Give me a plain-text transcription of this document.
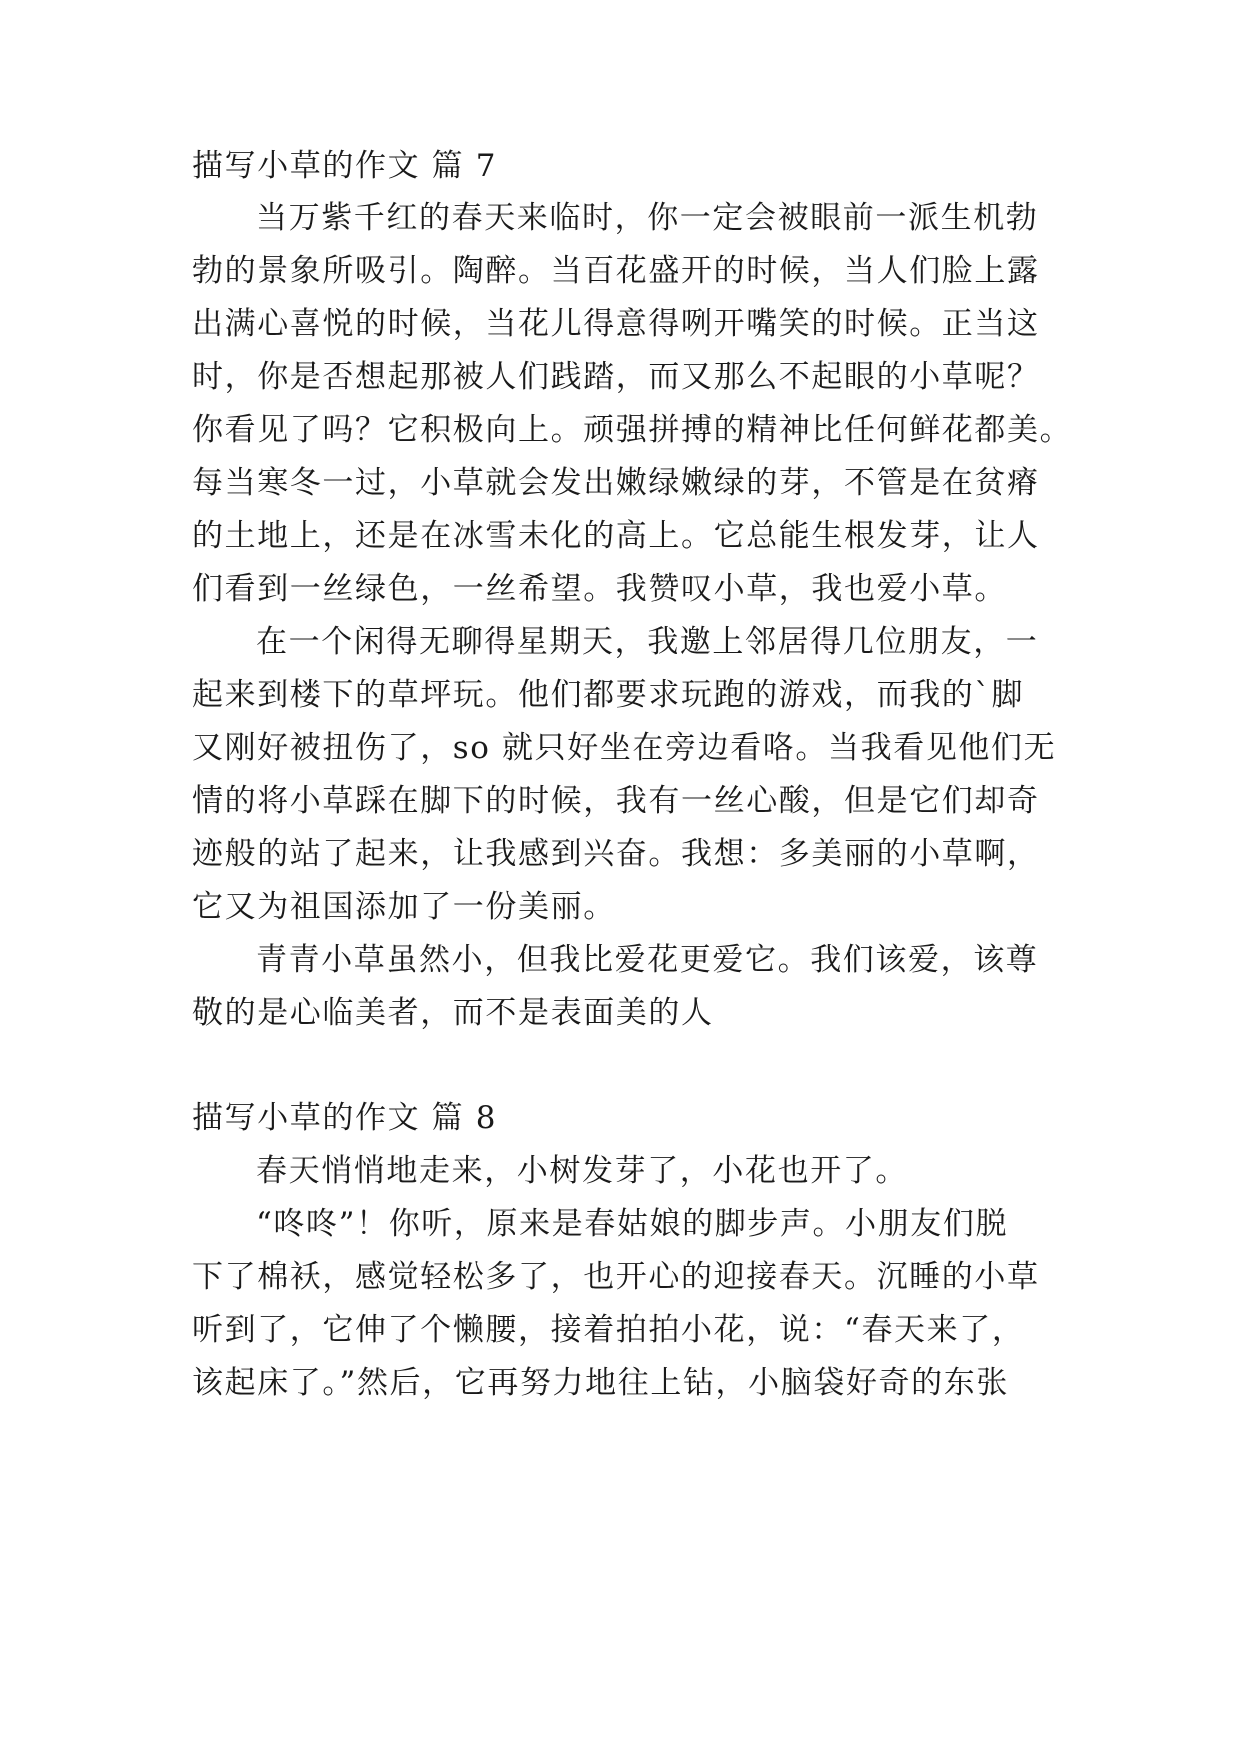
描写小草的作文 篇 7
当万紫千红的春天来临时，你一定会被眼前一派生机勃
勃的景象所吸引。陶醉。当百花盛开的时候，当人们脸上露
出满心喜悦的时候，当花儿得意得咧开嘴笑的时候。正当这
时，你是否想起那被人们践踏，而又那么不起眼的小草呢？
你看见了吗？它积极向上。顽强拼搏的精神比任何鲜花都美。
每当寒冬一过，小草就会发出嫩绿嫩绿的芽，不管是在贫瘠
的土地上，还是在冰雪未化的高上。它总能生根发芽，让人
们看到一丝绿色，一丝希望。我赞叹小草，我也爱小草。
在一个闲得无聊得星期天，我邀上邻居得几位朋友，一
起来到楼下的草坪玩。他们都要求玩跑的游戏，而我的`脚
又刚好被扭伤了，so 就只好坐在旁边看咯。当我看见他们无
情的将小草踩在脚下的时候，我有一丝心酸，但是它们却奇
迹般的站了起来，让我感到兴奋。我想：多美丽的小草啊，
它又为祖国添加了一份美丽。
青青小草虽然小，但我比爱花更爱它。我们该爱，该尊
敬的是心临美者，而不是表面美的人
描写小草的作文 篇 8
春天悄悄地走来，小树发芽了，小花也开了。
“咚咚”！你听，原来是春姑娘的脚步声。小朋友们脱
下了棉袄，感觉轻松多了，也开心的迎接春天。沉睡的小草
听到了，它伸了个懒腰，接着拍拍小花，说：“春天来了，
该起床了。”然后，它再努力地往上钻，小脑袋好奇的东张
